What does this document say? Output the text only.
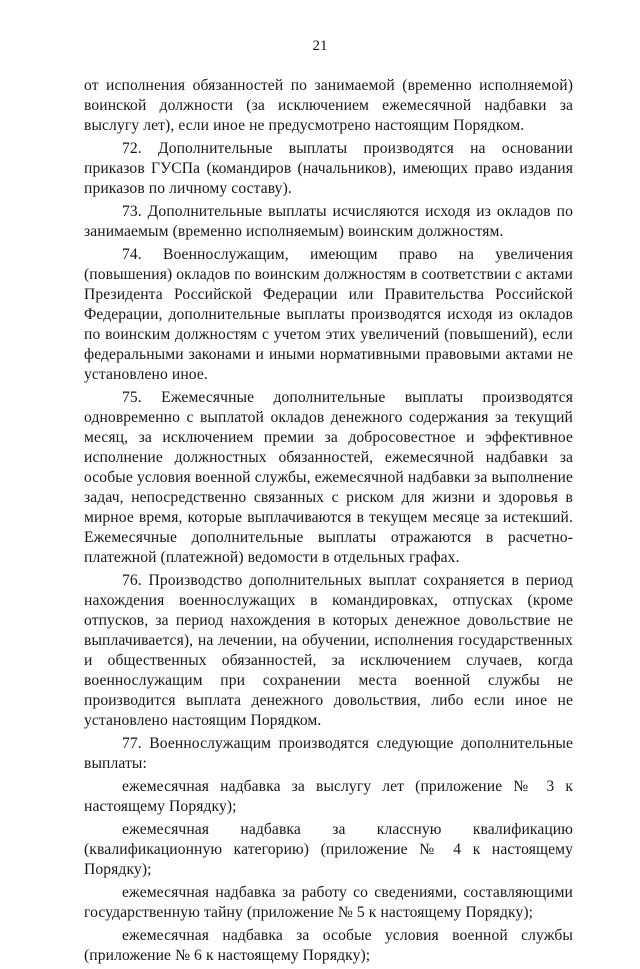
21

от исполнения обязанностей по занимаемой (временно исполняемой) воинской должности (за исключением ежемесячной надбавки за выслугу лет), если иное не предусмотрено настоящим Порядком.

72. Дополнительные выплаты производятся на основании приказов ГУСПа (командиров (начальников), имеющих право издания приказов по личному составу).

73. Дополнительные выплаты исчисляются исходя из окладов по занимаемым (временно исполняемым) воинским должностям.

74. Военнослужащим, имеющим право на увеличения (повышения) окладов по воинским должностям в соответствии с актами Президента Российской Федерации или Правительства Российской Федерации, дополнительные выплаты производятся исходя из окладов по воинским должностям с учетом этих увеличений (повышений), если федеральными законами и иными нормативными правовыми актами не установлено иное.

75. Ежемесячные дополнительные выплаты производятся одновременно с выплатой окладов денежного содержания за текущий месяц, за исключением премии за добросовестное и эффективное исполнение должностных обязанностей, ежемесячной надбавки за особые условия военной службы, ежемесячной надбавки за выполнение задач, непосредственно связанных с риском для жизни и здоровья в мирное время, которые выплачиваются в текущем месяце за истекший. Ежемесячные дополнительные выплаты отражаются в расчетно-платежной (платежной) ведомости в отдельных графах.

76. Производство дополнительных выплат сохраняется в период нахождения военнослужащих в командировках, отпусках (кроме отпусков, за период нахождения в которых денежное довольствие не выплачивается), на лечении, на обучении, исполнения государственных и общественных обязанностей, за исключением случаев, когда военнослужащим при сохранении места военной службы не производится выплата денежного довольствия, либо если иное не установлено настоящим Порядком.

77. Военнослужащим производятся следующие дополнительные выплаты:

ежемесячная надбавка за выслугу лет (приложение № 3 к настоящему Порядку);

ежемесячная надбавка за классную квалификацию (квалификационную категорию) (приложение № 4 к настоящему Порядку);

ежемесячная надбавка за работу со сведениями, составляющими государственную тайну (приложение № 5 к настоящему Порядку);

ежемесячная надбавка за особые условия военной службы (приложение № 6 к настоящему Порядку);
